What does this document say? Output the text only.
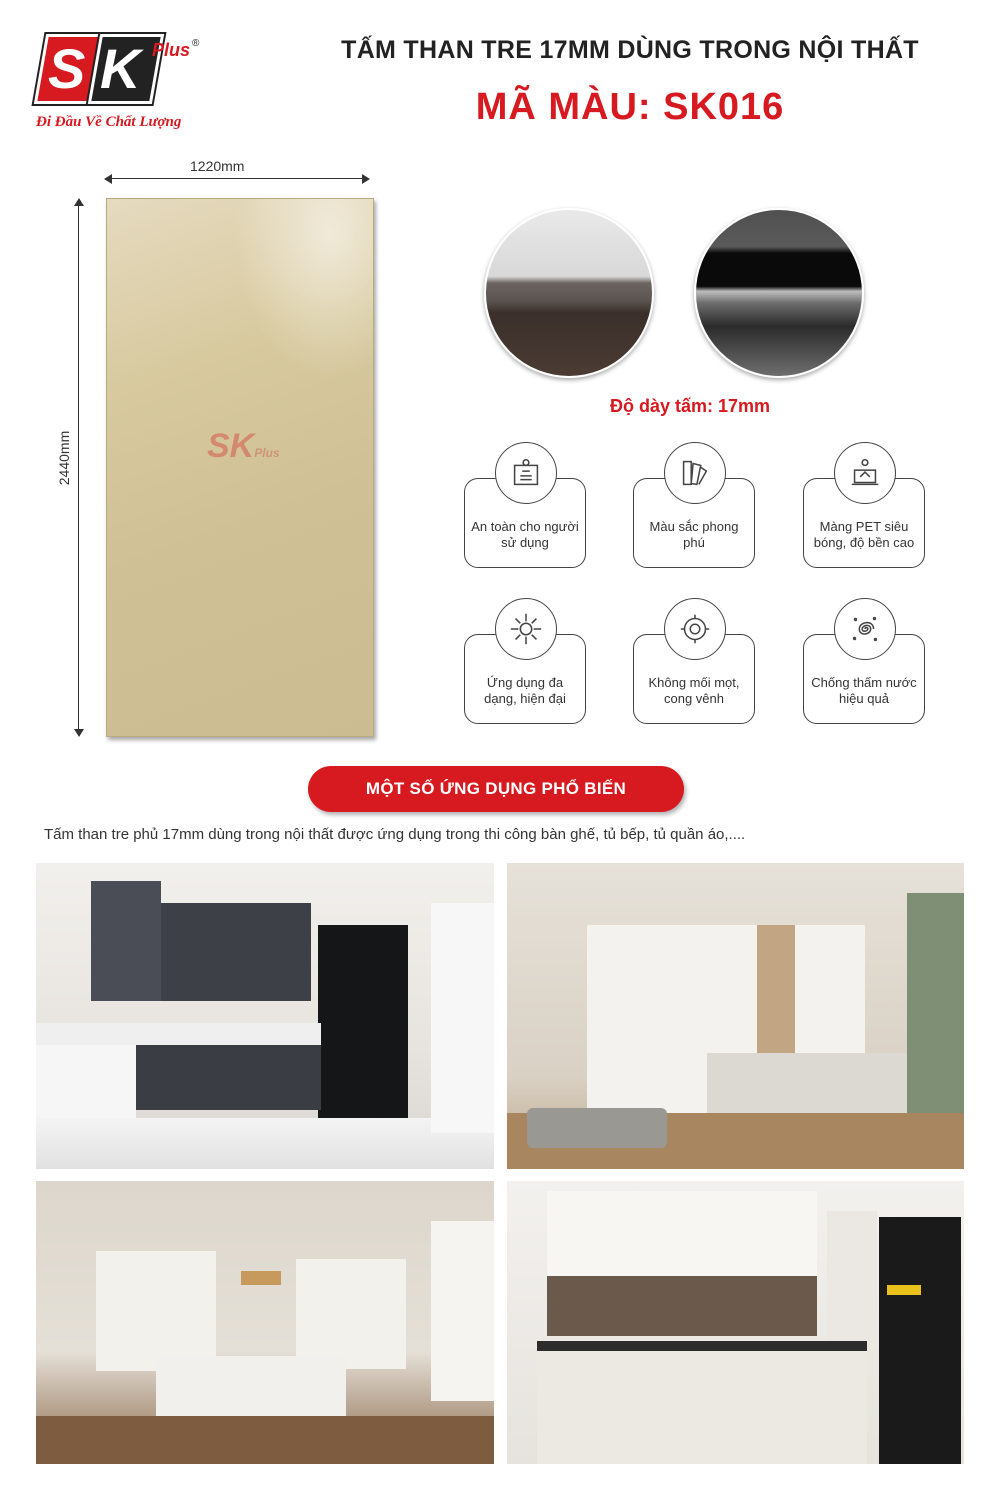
S K Plus ®
Đi Đầu Về Chất Lượng
TẤM THAN TRE 17MM DÙNG TRONG NỘI THẤT
MÃ MÀU: SK016
1220mm
2440mm	SKPlus
Độ dày tấm: 17mm
An toàn cho người sử dụng
Màu sắc phong phú
Màng PET siêu bóng, độ bền cao
Ứng dụng đa dạng, hiện đại
Không mối mọt, cong vênh
Chống thấm nước hiệu quả
MỘT SỐ ỨNG DỤNG PHỔ BIẾN
Tấm than tre phủ 17mm dùng trong nội thất được ứng dụng trong thi công bàn ghế, tủ bếp, tủ quần áo,....
